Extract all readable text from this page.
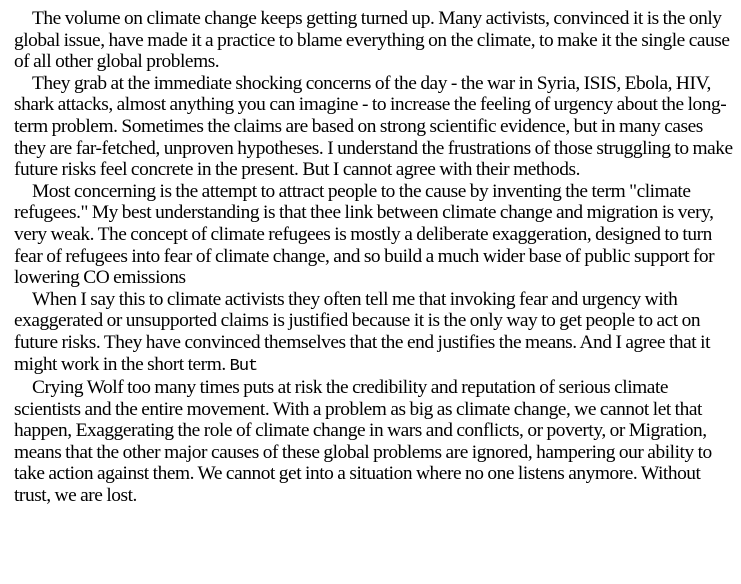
The volume on climate change keeps getting turned up. Many activists, convinced it is the only global issue, have made it a practice to blame everything on the climate, to make it the single cause of all other global problems.

They grab at the immediate shocking concerns of the day - the war in Syria, ISIS, Ebola, HIV, shark attacks, almost anything you can imagine - to increase the feeling of urgency about the long-term problem. Sometimes the claims are based on strong scientific evidence, but in many cases they are far-fetched, unproven hypotheses. I understand the frustrations of those struggling to make future risks feel concrete in the present. But I cannot agree with their methods.

Most concerning is the attempt to attract people to the cause by inventing the term "climate refugees." My best understanding is that thee link between climate change and migration is very, very weak. The concept of climate refugees is mostly a deliberate exaggeration, designed to turn fear of refugees into fear of climate change, and so build a much wider base of public support for lowering CO emissions

When I say this to climate activists they often tell me that invoking fear and urgency with exaggerated or unsupported claims is justified because it is the only way to get people to act on future risks. They have convinced themselves that the end justifies the means. And I agree that it might work in the short term. But

Crying Wolf too many times puts at risk the credibility and reputation of serious climate scientists and the entire movement. With a problem as big as climate change, we cannot let that happen, Exaggerating the role of climate change in wars and conflicts, or poverty, or Migration, means that the other major causes of these global problems are ignored, hampering our ability to take action against them. We cannot get into a situation where no one listens anymore. Without trust, we are lost.
